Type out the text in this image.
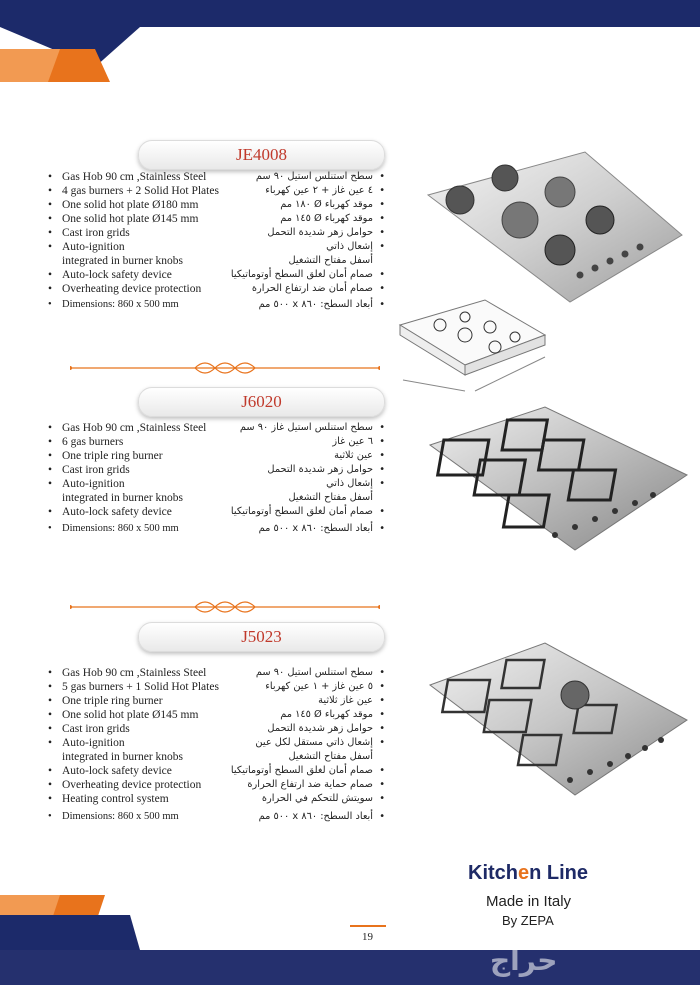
JE4008
• Gas Hob 90 cm ,Stainless Steel
• 4 gas burners + 2 Solid Hot Plates
• One solid hot plate Ø180 mm
• One solid hot plate Ø145 mm
• Cast iron grids
• Auto-ignition
integrated in burner knobs
• Auto-lock safety device
• Overheating device protection
• Dimensions: 860 x 500 mm
• سطح استنلس استيل ٩٠ سم
• ٤ عين غاز + ٢ عين كهرباء
• موقد كهرباء Ø ١٨٠ مم
• موقد كهرباء Ø ١٤٥ مم
• حوامل زهر شديدة التحمل
• إشعال ذاتي
أسفل مفتاح التشغيل
• صمام أمان لغلق السطح أوتوماتيكيا
• صمام أمان ضد ارتفاع الحرارة
• أبعاد السطح: ٨٦٠ x ٥٠٠ مم
J6020
• Gas Hob 90 cm ,Stainless Steel
• 6 gas burners
• One triple ring burner
• Cast iron grids
• Auto-ignition
integrated in burner knobs
• Auto-lock safety device
• Dimensions: 860 x 500 mm
• سطح استنلس استيل غاز ٩٠ سم
• ٦ عين غاز
• عين ثلاثية
• حوامل زهر شديدة التحمل
• إشعال ذاتي
أسفل مفتاح التشغيل
• صمام أمان لغلق السطح أوتوماتيكيا
• أبعاد السطح: ٨٦٠ x ٥٠٠ مم
J5023
• Gas Hob 90 cm ,Stainless Steel
• 5 gas burners + 1 Solid Hot Plates
• One triple ring burner
• One solid hot plate Ø145 mm
• Cast iron grids
• Auto-ignition
integrated in burner knobs
• Auto-lock safety device
• Overheating device protection
• Heating control system
• Dimensions: 860 x 500 mm
• سطح استنلس استيل ٩٠ سم
• ٥ عين غاز + ١ عين كهرباء
• عين غاز ثلاثية
• موقد كهرباء Ø ١٤٥ مم
• حوامل زهر شديدة التحمل
• إشعال ذاتي مستقل لكل عين
أسفل مفتاح التشغيل
• صمام أمان لغلق السطح أوتوماتيكيا
• صمام حماية ضد ارتفاع الحرارة
• سويتش للتحكم في الحرارة
• أبعاد السطح: ٨٦٠ x ٥٠٠ مم
Kitchen Line
Made in Italy
By ZEPA
19
حراج
